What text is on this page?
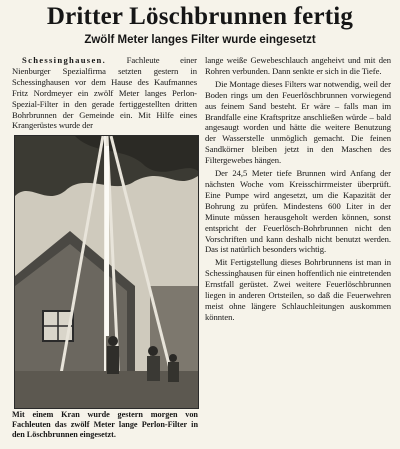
Dritter Löschbrunnen fertig
Zwölf Meter langes Filter wurde eingesetzt

Schessinghausen. Fachleute einer Nienburger Spezialfirma setzten gestern in Schessinghausen vor dem Hause des Kaufmannes Fritz Nordmeyer ein zwölf Meter langes Perlon-Spezial-Filter in den gerade fertiggestellten dritten Bohrbrunnen der Gemeinde ein. Mit Hilfe eines Krangerüstes wurde der

Mit einem Kran wurde gestern morgen von Fachleuten das zwölf Meter lange Perlon-Filter in den Löschbrunnen eingesetzt.

lange weiße Gewebeschlauch angeheivt und mit den Rohren verbunden. Dann senkte er sich in die Tiefe.

Die Montage dieses Filters war notwendig, weil der Boden rings um den Feuerlöschbrunnen vorwiegend aus feinem Sand besteht. Er wäre – falls man im Brandfalle eine Kraftspritze anschließen würde – bald angesaugt worden und hätte die weitere Benutzung der Wasserstelle unmöglich gemacht. Die feinen Sandkörner bleiben jetzt in den Maschen des Filtergewebes hängen.

Der 24,5 Meter tiefe Brunnen wird Anfang der nächsten Woche vom Kreisschirrmeister überprüft. Eine Pumpe wird angesetzt, um die Kapazität der Bohrung zu prüfen. Mindestens 600 Liter in der Minute müssen herausgeholt werden können, sonst entspricht der Feuerlösch-Bohrbrunnen nicht den Vorschriften und kann deshalb nicht benutzt werden. Das ist natürlich besonders wichtig.

Mit Fertigstellung dieses Bohrbrunnens ist man in Schessinghausen für einen hoffentlich nie eintretenden Ernstfall gerüstet. Zwei weitere Feuerlöschbrunnen liegen in anderen Ortsteilen, so daß die Feuerwehren meist ohne längere Schlauchleitungen auskommen könnten.
